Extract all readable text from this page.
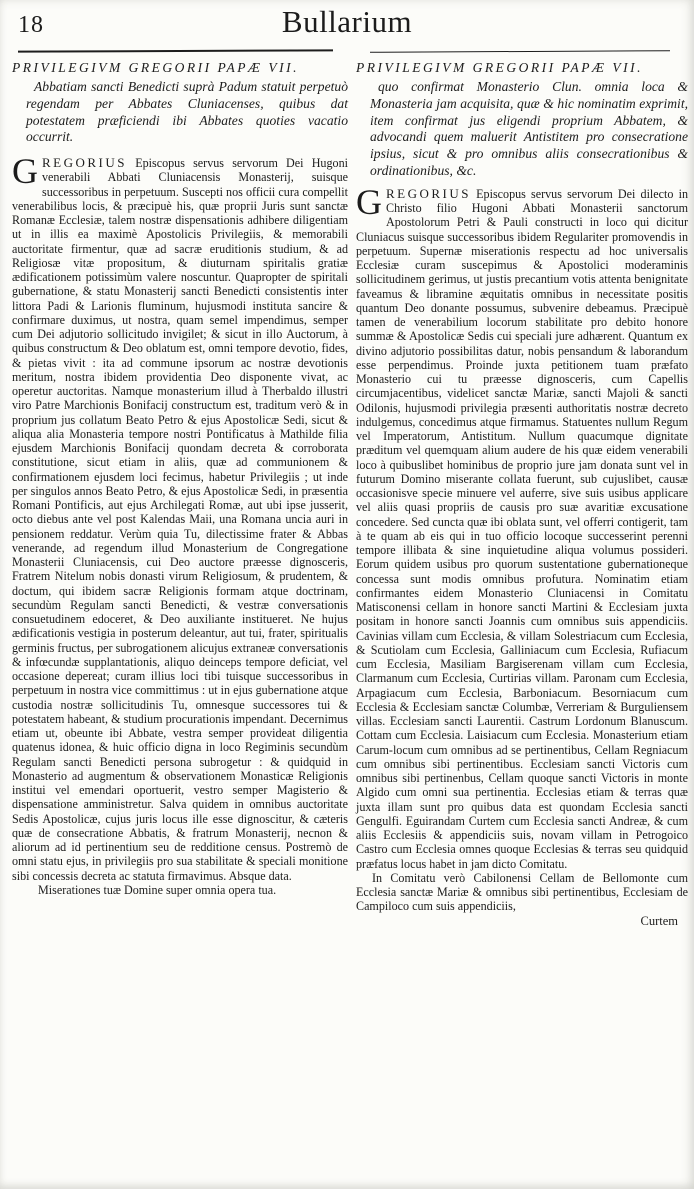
18	Bullarium
PRIVILEGIVM GREGORII PAPÆ VII.

Abbatiam sancti Benedicti suprà Padum statuit perpetuò regendam per Abbates Cluniacenses, quibus dat potestatem præficiendi ibi Abbates quoties vacatio occurrit.

GREGORIUS Episcopus servus servorum Dei Hugoni venerabili Abbati Cluniacensis Monasterij, suisque successoribus in perpetuum. Suscepti nos officii cura compellit venerabilibus locis, & præcipuè his, quæ proprii Juris sunt sanctæ Romanæ Ecclesiæ, talem nostræ dispensationis adhibere diligentiam ut in illis ea maximè Apostolicis Privilegiis, & memorabili auctoritate firmentur, quæ ad sacræ eruditionis studium, & ad Religiosæ vitæ propositum, & diuturnam spiritalis gratiæ ædificationem potissimùm valere noscuntur. Quapropter de spiritali gubernatione, & statu Monasterij sancti Benedicti consistentis inter littora Padi & Larionis fluminum, hujusmodi instituta sancire & confirmare duximus, ut nostra, quam semel impendimus, semper cum Dei adjutorio sollicitudo invigilet; & sicut in illo Auctorum, à quibus constructum & Deo oblatum est, omni tempore devotio, fides, & pietas vivit : ita ad commune ipsorum ac nostræ devotionis meritum, nostra ibidem providentia Deo disponente vivat, ac operetur auctoritas. Namque monasterium illud à Therbaldo illustri viro Patre Marchionis Bonifacij constructum est, traditum verò & in proprium jus collatum Beato Petro & ejus Apostolicæ Sedi, sicut & aliqua alia Monasteria tempore nostri Pontificatus à Mathilde filia ejusdem Marchionis Bonifacij quondam decreta & corroborata constitutione, sicut etiam in aliis, quæ ad communionem & confirmationem ejusdem loci fecimus, habetur Privilegiis ; ut inde per singulos annos Beato Petro, & ejus Apostolicæ Sedi, in præsentia Romani Pontificis, aut ejus Archilegati Romæ, aut ubi ipse jusserit, octo diebus ante vel post Kalendas Maii, una Romana uncia auri in pensionem reddatur. Verùm quia Tu, dilectissime frater & Abbas venerande, ad regendum illud Monasterium de Congregatione Monasterii Cluniacensis, cui Deo auctore præesse dignosceris, Fratrem Nitelum nobis donasti virum Religiosum, & prudentem, & doctum, qui ibidem sacræ Religionis formam atque doctrinam, secundùm Regulam sancti Benedicti, & vestræ conversationis consuetudinem edoceret, & Deo auxiliante institueret. Ne hujus ædificationis vestigia in posterum deleantur, aut tui, frater, spiritualis germinis fructus, per subrogationem alicujus extraneæ conversationis & infœcundæ supplantationis, aliquo deinceps tempore deficiat, vel occasione depereat; curam illius loci tibi tuisque successoribus in perpetuum in nostra vice committimus : ut in ejus gubernatione atque custodia nostræ sollicitudinis Tu, omnesque successores tui & potestatem habeant, & studium procurationis impendant. Decernimus etiam ut, obeunte ibi Abbate, vestra semper provideat diligentia quatenus idonea, & huic officio digna in loco Regiminis secundùm Regulam sancti Benedicti persona subrogetur : & quidquid in Monasterio ad augmentum & observationem Monasticæ Religionis institui vel emendari oportuerit, vestro semper Magisterio & dispensatione amministretur. Salva quidem in omnibus auctoritate Sedis Apostolicæ, cujus juris locus ille esse dignoscitur, & cæteris quæ de consecratione Abbatis, & fratrum Monasterij, necnon & aliorum ad id pertinentium seu de redditione census. Postremò de omni statu ejus, in privilegiis pro sua stabilitate & speciali monitione sibi concessis decreta ac statuta firmavimus. Absque data.

Miserationes tuæ Domine super omnia opera tua.

PRIVILEGIVM GREGORII PAPÆ VII.

quo confirmat Monasterio Clun. omnia loca & Monasteria jam acquisita, quæ & hic nominatim exprimit, item confirmat jus eligendi proprium Abbatem, & advocandi quem maluerit Antistitem pro consecratione ipsius, sicut & pro omnibus aliis consecrationibus & ordinationibus, &c.

GREGORIUS Episcopus servus servorum Dei dilecto in Christo filio Hugoni Abbati Monasterii sanctorum Apostolorum Petri & Pauli constructi in loco qui dicitur Cluniacus suisque successoribus ibidem Regulariter promovendis in perpetuum. Supernæ miserationis respectu ad hoc universalis Ecclesiæ curam suscepimus & Apostolici moderaminis sollicitudinem gerimus, ut justis precantium votis attenta benignitate faveamus & libramine æquitatis omnibus in necessitate positis quantum Deo donante possumus, subvenire debeamus. Præcipuè tamen de venerabilium locorum stabilitate pro debito honore summæ & Apostolicæ Sedis cui speciali jure adhærent. Quantum ex divino adjutorio possibilitas datur, nobis pensandum & laborandum esse perpendimus. Proinde juxta petitionem tuam præfato Monasterio cui tu præesse dignosceris, cum Capellis circumjacentibus, videlicet sanctæ Mariæ, sancti Majoli & sancti Odilonis, hujusmodi privilegia præsenti authoritatis nostræ decreto indulgemus, concedimus atque firmamus. Statuentes nullum Regum vel Imperatorum, Antistitum. Nullum quacumque dignitate præditum vel quemquam alium audere de his quæ eidem venerabili loco à quibuslibet hominibus de proprio jure jam donata sunt vel in futurum Domino miserante collata fuerunt, sub cujuslibet, causæ occasionisve specie minuere vel auferre, sive suis usibus applicare vel aliis quasi propriis de causis pro suæ avaritiæ excusatione concedere. Sed cuncta quæ ibi oblata sunt, vel offerri contigerit, tam à te quam ab eis qui in tuo officio locoque successerint perenni tempore illibata & sine inquietudine aliqua volumus possideri. Eorum quidem usibus pro quorum sustentatione gubernationeque concessa sunt modis omnibus profutura. Nominatim etiam confirmantes eidem Monasterio Cluniacensi in Comitatu Matisconensi cellam in honore sancti Martini & Ecclesiam juxta positam in honore sancti Joannis cum omnibus suis appendiciis. Cavinias villam cum Ecclesia, & villam Solestriacum cum Ecclesia, & Scutiolam cum Ecclesia, Galliniacum cum Ecclesia, Rufiacum cum Ecclesia, Masiliam Bargiserenam villam cum Ecclesia, Clarmanum cum Ecclesia, Curtirias villam. Paronam cum Ecclesia, Arpagiacum cum Ecclesia, Barboniacum. Besorniacum cum Ecclesia & Ecclesiam sanctæ Columbæ, Verreriam & Burguliensem villas. Ecclesiam sancti Laurentii. Castrum Lordonum Blanuscum. Cottam cum Ecclesia. Laisiacum cum Ecclesia. Monasterium etiam Carum-locum cum omnibus ad se pertinentibus, Cellam Regniacum cum omnibus sibi pertinentibus. Ecclesiam sancti Victoris cum omnibus sibi pertinenbus, Cellam quoque sancti Victoris in monte Algido cum omni sua pertinentia. Ecclesias etiam & terras quæ juxta illam sunt pro quibus data est quondam Ecclesia sancti Gengulfi. Eguirandam Curtem cum Ecclesia sancti Andreæ, & cum aliis Ecclesiis & appendiciis suis, novam villam in Petrogoico Castro cum Ecclesia omnes quoque Ecclesias & terras seu quidquid præfatus locus habet in jam dicto Comitatu.

In Comitatu verò Cabilonensi Cellam de Bellomonte cum Ecclesia sanctæ Mariæ & omnibus sibi pertinentibus, Ecclesiam de Campiloco cum suis appendiciis,

Curtem
